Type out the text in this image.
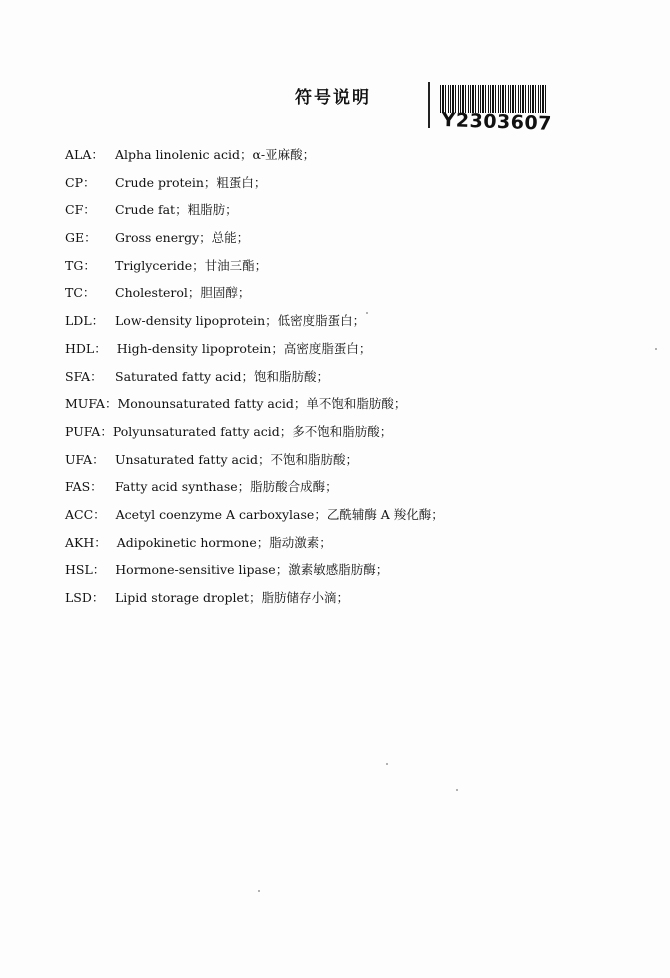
符号说明
Y2303607
ALA： Alpha linolenic acid；α-亚麻酸；
CP： Crude protein；粗蛋白；
CF： Crude fat；粗脂肪；
GE： Gross energy；总能；
TG： Triglyceride；甘油三酯；
TC： Cholesterol；胆固醇；
LDL： Low-density lipoprotein；低密度脂蛋白；
HDL： High-density lipoprotein；高密度脂蛋白；
SFA： Saturated fatty acid；饱和脂肪酸；
MUFA：Monounsaturated fatty acid；单不饱和脂肪酸；
PUFA：Polyunsaturated fatty acid；多不饱和脂肪酸；
UFA： Unsaturated fatty acid；不饱和脂肪酸；
FAS： Fatty acid synthase；脂肪酸合成酶；
ACC： Acetyl coenzyme A carboxylase；乙酰辅酶 A 羧化酶；
AKH： Adipokinetic hormone；脂动激素；
HSL： Hormone-sensitive lipase；激素敏感脂肪酶；
LSD： Lipid storage droplet；脂肪储存小滴；
